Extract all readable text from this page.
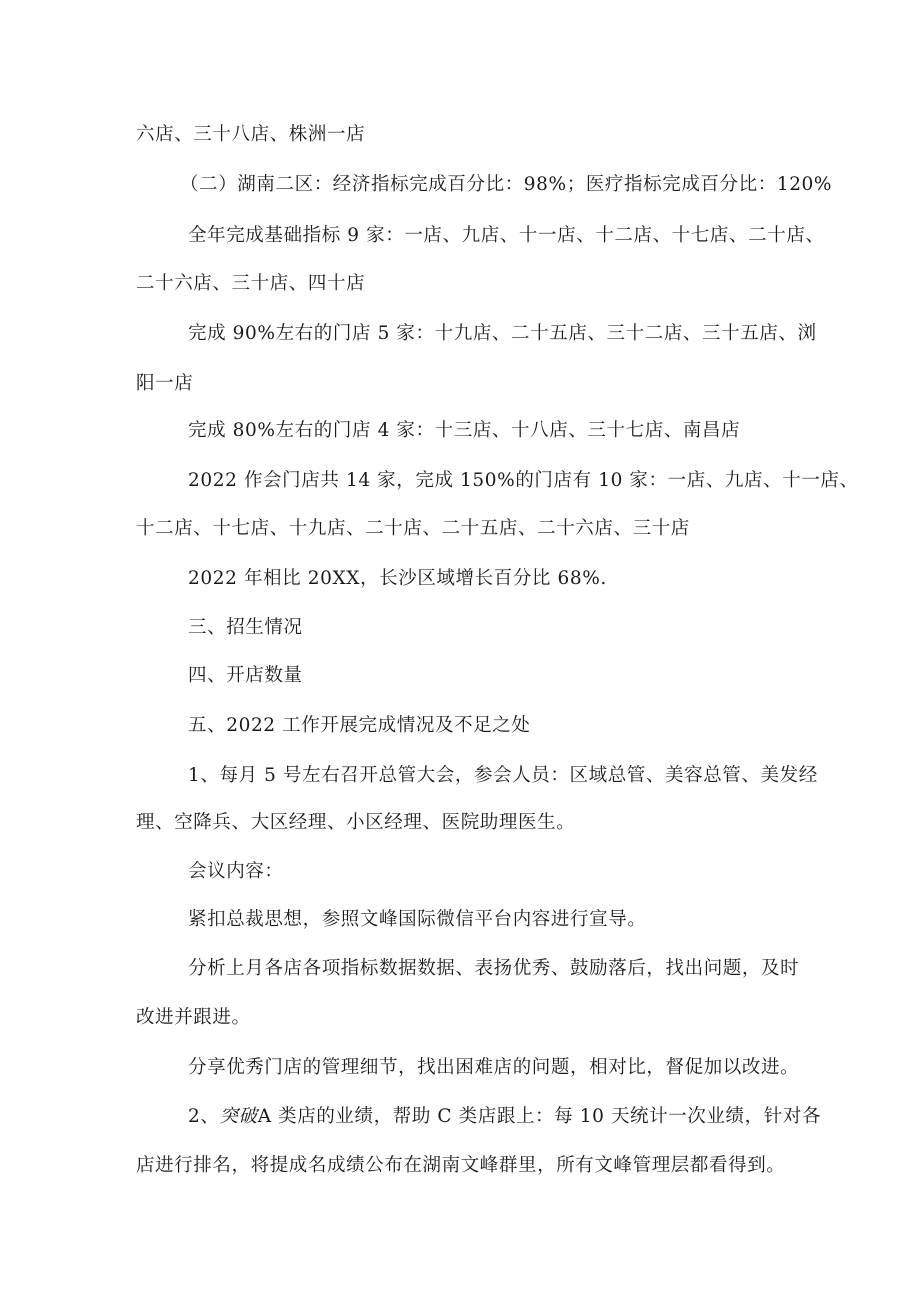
六店、三十八店、株洲一店
（二）湖南二区：经济指标完成百分比：98%；医疗指标完成百分比：120%
全年完成基础指标 9 家：一店、九店、十一店、十二店、十七店、二十店、
二十六店、三十店、四十店
完成 90%左右的门店 5 家：十九店、二十五店、三十二店、三十五店、浏
阳一店
完成 80%左右的门店 4 家：十三店、十八店、三十七店、南昌店
2022 作会门店共 14 家，完成 150%的门店有 10 家：一店、九店、十一店、
十二店、十七店、十九店、二十店、二十五店、二十六店、三十店
2022 年相比 20XX，长沙区域增长百分比 68%.
三、招生情况
四、开店数量
五、2022 工作开展完成情况及不足之处
1、每月 5 号左右召开总管大会，参会人员：区域总管、美容总管、美发经
理、空降兵、大区经理、小区经理、医院助理医生。
会议内容：
紧扣总裁思想，参照文峰国际微信平台内容进行宣导。
分析上月各店各项指标数据数据、表扬优秀、鼓励落后，找出问题，及时
改进并跟进。
分享优秀门店的管理细节，找出困难店的问题，相对比，督促加以改进。
2、突破A 类店的业绩，帮助 C 类店跟上：每 10 天统计一次业绩，针对各
店进行排名，将提成名成绩公布在湖南文峰群里，所有文峰管理层都看得到。
